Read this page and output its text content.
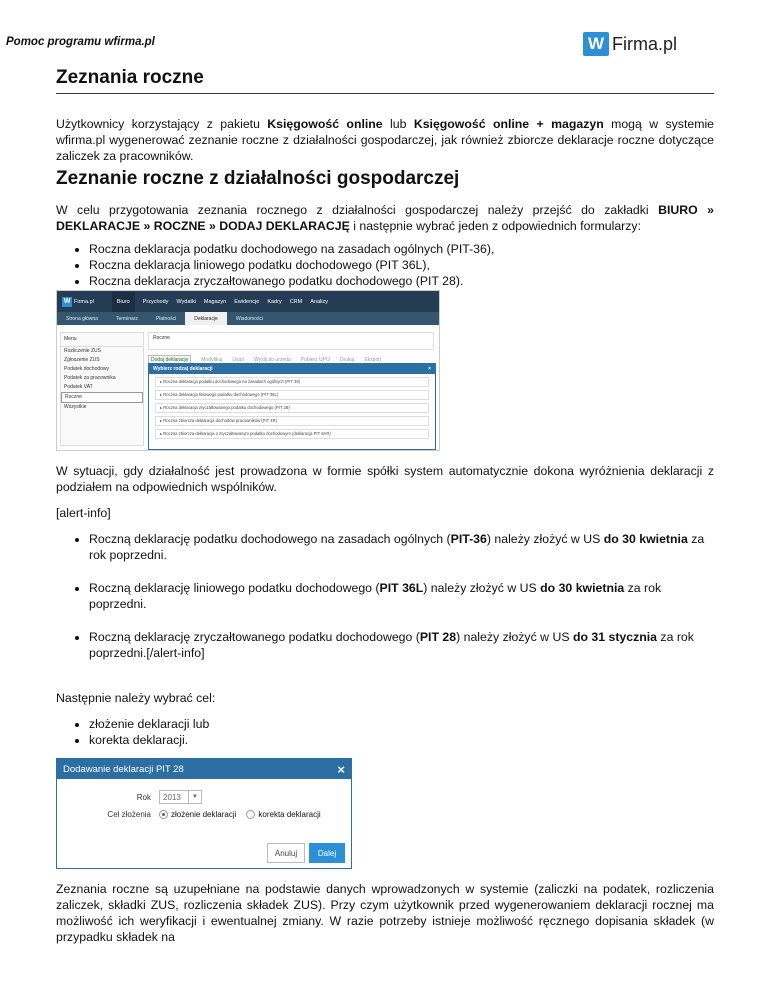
Pomoc programu wfirma.pl	W Firma.pl
Zeznania roczne

Użytkownicy korzystający z pakietu Księgowość online lub Księgowość online + magazyn mogą w systemie wfirma.pl wygenerować zeznanie roczne z działalności gospodarczej, jak również zbiorcze deklaracje roczne dotyczące zaliczek za pracowników.

Zeznanie roczne z działalności gospodarczej

W celu przygotowania zeznania rocznego z działalności gospodarczej należy przejść do zakładki BIURO » DEKLARACJE » ROCZNE » DODAJ DEKLARACJĘ i następnie wybrać jeden z odpowiednich formularzy:

• Roczna deklaracja podatku dochodowego na zasadach ogólnych (PIT-36),
• Roczna deklaracja liniowego podatku dochodowego (PIT 36L),
• Roczna deklaracja zryczałtowanego podatku dochodowego (PIT 28).
W Firma.pl	Biuro	Przychody Wydatki Magazyn Ewidencje Kadry CRM Analizy
Strona główna	Terminarz	Płatności	Deklaracje	Wiadomości
Menu
Rozliczenie ZUS
Zgłoszenie ZUS
Podatek dochodowy
Podatek za pracownika
Podatek VAT
Roczne
Wszystkie
Roczne
Dodaj deklarację	Modyfikuj Usuń Wyślij do urzędu Pobierz UPO Drukuj Eksport
Wybierz rodzaj deklaracji	×
▸ Roczna deklaracja podatku dochodowego na zasadach ogólnych (PIT 36)
▸ Roczna deklaracja liniowego podatku dochodowego (PIT 36L)
▸ Roczna deklaracja zryczałtowanego podatku dochodowego (PIT 28)
▸ Roczna zbiorcza deklaracja dochodów pracowników (PIT 4R)
▸ Roczna zbiorcza deklaracja o zryczałtowanym podatku dochodowym (deklaracja PIT 8AR)

W sytuacji, gdy działalność jest prowadzona w formie spółki system automatycznie dokona wyróżnienia deklaracji z podziałem na odpowiednich wspólników.

[alert-info]

• Roczną deklarację podatku dochodowego na zasadach ogólnych (PIT-36) należy złożyć w US do 30 kwietnia za rok poprzedni.
• Roczną deklarację liniowego podatku dochodowego (PIT 36L) należy złożyć w US do 30 kwietnia za rok poprzedni.
• Roczną deklarację zryczałtowanego podatku dochodowego (PIT 28) należy złożyć w US do 31 stycznia za rok poprzedni.[/alert-info]

Następnie należy wybrać cel:

• złożenie deklaracji lub
• korekta deklaracji.
Dodawanie deklaracji PIT 28	×
Rok	2013	▼
Cel złożenia	złożenie deklaracji	korekta deklaracji
Anuluj	Dalej

Zeznania roczne są uzupełniane na podstawie danych wprowadzonych w systemie (zaliczki na podatek, rozliczenia zaliczek, składki ZUS, rozliczenia składek ZUS). Przy czym użytkownik przed wygenerowaniem deklaracji rocznej ma możliwość ich weryfikacji i ewentualnej zmiany. W razie potrzeby istnieje możliwość ręcznego dopisania składek (w przypadku składek na
